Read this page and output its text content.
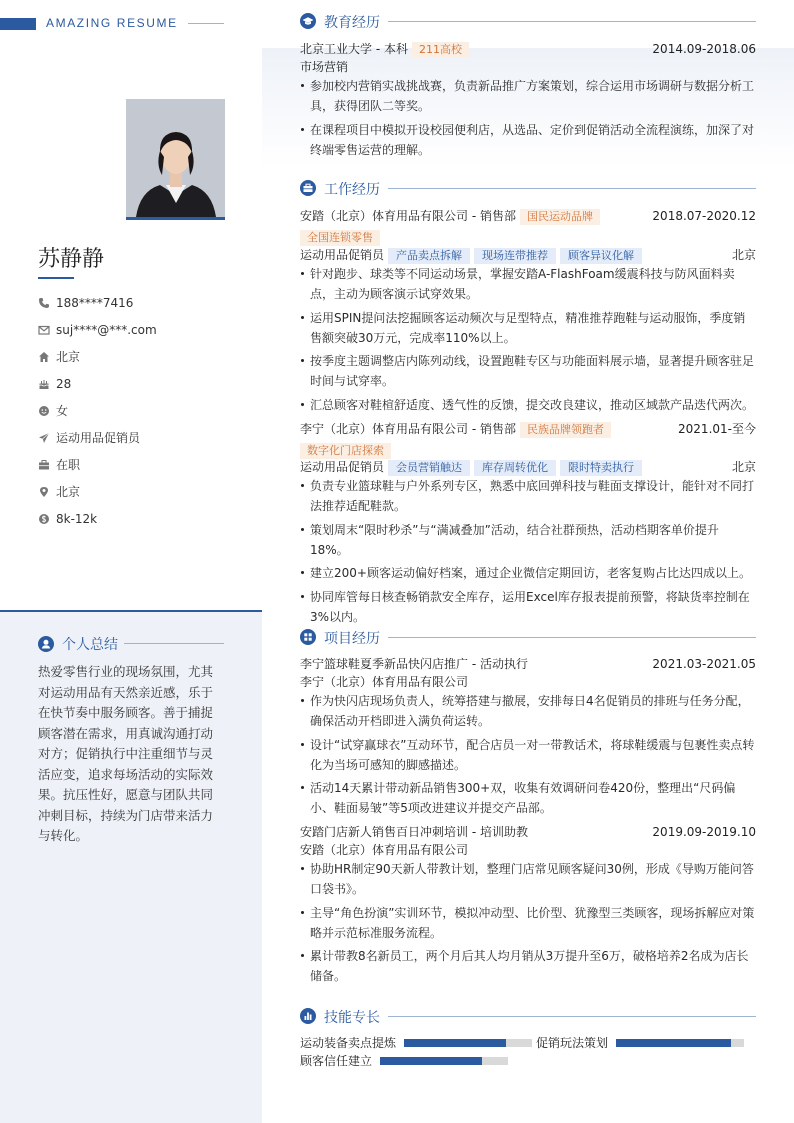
AMAZING RESUME
苏静静
188****7416
suj****@***.com
北京
28
女
运动用品促销员
在职
北京
8k-12k
个人总结
热爱零售行业的现场氛围，尤其对运动用品有天然亲近感，乐于在快节奏中服务顾客。善于捕捉顾客潜在需求，用真诚沟通打动对方；促销执行中注重细节与灵活应变，追求每场活动的实际效果。抗压性好，愿意与团队共同冲刺目标，持续为门店带来活力与转化。
教育经历
北京工业大学 - 本科 211高校	2014.09-2018.06
市场营销
参加校内营销实战挑战赛，负责新品推广方案策划，综合运用市场调研与数据分析工具，获得团队二等奖。
在课程项目中模拟开设校园便利店，从选品、定价到促销活动全流程演练，加深了对终端零售运营的理解。
工作经历
安踏（北京）体育用品有限公司 - 销售部 国民运动品牌	2018.07-2020.12
全国连锁零售
运动用品促销员 产品卖点拆解 现场连带推荐 顾客异议化解	北京
针对跑步、球类等不同运动场景，掌握安踏A-FlashFoam缓震科技与防风面料卖点，主动为顾客演示试穿效果。
运用SPIN提问法挖掘顾客运动频次与足型特点，精准推荐跑鞋与运动服饰，季度销售额突破30万元，完成率110%以上。
按季度主题调整店内陈列动线，设置跑鞋专区与功能面料展示墙，显著提升顾客驻足时间与试穿率。
汇总顾客对鞋楦舒适度、透气性的反馈，提交改良建议，推动区域款产品迭代两次。
李宁（北京）体育用品有限公司 - 销售部 民族品牌领跑者	2021.01-至今
数字化门店探索
运动用品促销员 会员营销触达 库存周转优化 限时特卖执行	北京
负责专业篮球鞋与户外系列专区，熟悉中底回弹科技与鞋面支撑设计，能针对不同打法推荐适配鞋款。
策划周末“限时秒杀”与“满减叠加”活动，结合社群预热，活动档期客单价提升18%。
建立200+顾客运动偏好档案，通过企业微信定期回访，老客复购占比达四成以上。
协同库管每日核查畅销款安全库存，运用Excel库存报表提前预警，将缺货率控制在3%以内。
项目经历
李宁篮球鞋夏季新品快闪店推广 - 活动执行	2021.03-2021.05
李宁（北京）体育用品有限公司
作为快闪店现场负责人，统筹搭建与撤展，安排每日4名促销员的排班与任务分配，确保活动开档即进入满负荷运转。
设计“试穿赢球衣”互动环节，配合店员一对一带教话术，将球鞋缓震与包裹性卖点转化为当场可感知的脚感描述。
活动14天累计带动新品销售300+双，收集有效调研问卷420份，整理出“尺码偏小、鞋面易皱”等5项改进建议并提交产品部。
安踏门店新人销售百日冲刺培训 - 培训助教	2019.09-2019.10
安踏（北京）体育用品有限公司
协助HR制定90天新人带教计划，整理门店常见顾客疑问30例，形成《导购万能问答口袋书》。
主导“角色扮演”实训环节，模拟冲动型、比价型、犹豫型三类顾客，现场拆解应对策略并示范标准服务流程。
累计带教8名新员工，两个月后其人均月销从3万提升至6万，破格培养2名成为店长储备。
技能专长
运动装备卖点提炼	促销玩法策划
顾客信任建立
